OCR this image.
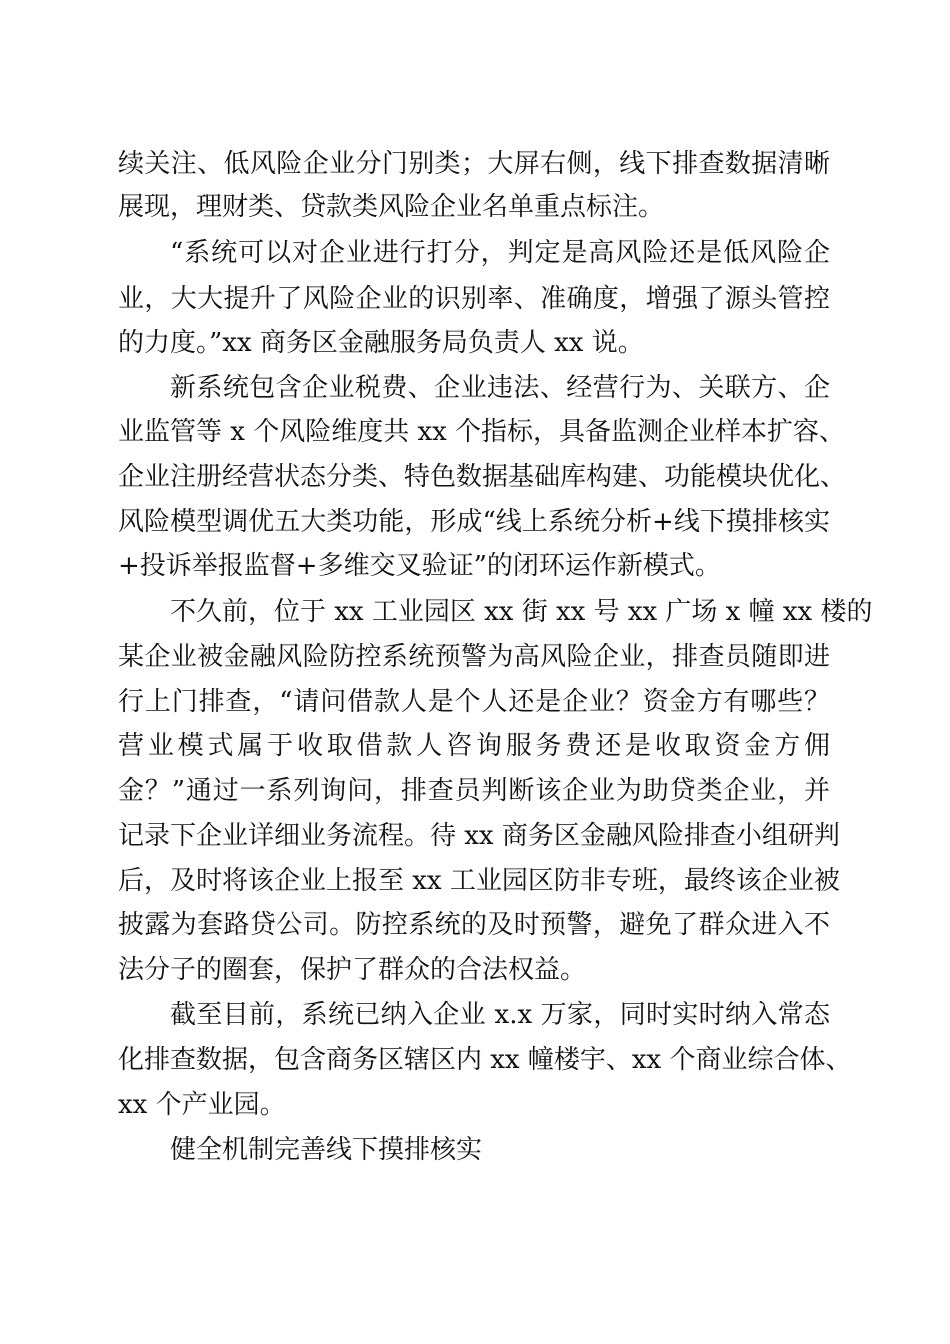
续关注、低风险企业分门别类；大屏右侧，线下排查数据清晰

展现，理财类、贷款类风险企业名单重点标注。

“系统可以对企业进行打分，判定是高风险还是低风险企

业，大大提升了风险企业的识别率、准确度，增强了源头管控

的力度。”xx 商务区金融服务局负责人 xx 说。

新系统包含企业税费、企业违法、经营行为、关联方、企

业监管等 x 个风险维度共 xx 个指标，具备监测企业样本扩容、

企业注册经营状态分类、特色数据基础库构建、功能模块优化、

风险模型调优五大类功能，形成“线上系统分析+线下摸排核实

+投诉举报监督+多维交叉验证”的闭环运作新模式。

不久前，位于 xx 工业园区 xx 街 xx 号 xx 广场 x 幢 xx 楼的

某企业被金融风险防控系统预警为高风险企业，排查员随即进

行上门排查，“请问借款人是个人还是企业？资金方有哪些？

营业模式属于收取借款人咨询服务费还是收取资金方佣

金？”通过一系列询问，排查员判断该企业为助贷类企业，并

记录下企业详细业务流程。待 xx 商务区金融风险排查小组研判

后，及时将该企业上报至 xx 工业园区防非专班，最终该企业被

披露为套路贷公司。防控系统的及时预警，避免了群众进入不

法分子的圈套，保护了群众的合法权益。

截至目前，系统已纳入企业 x.x 万家，同时实时纳入常态

化排查数据，包含商务区辖区内 xx 幢楼宇、xx 个商业综合体、

xx 个产业园。

健全机制完善线下摸排核实
